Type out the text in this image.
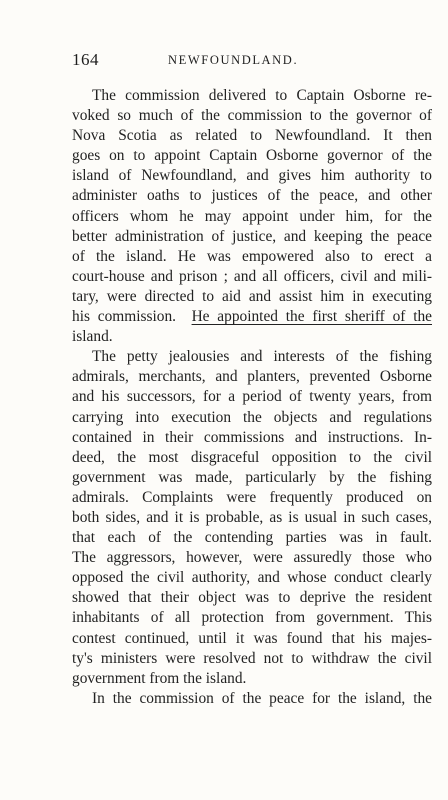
164	NEWFOUNDLAND.
The commission delivered to Captain Osborne re-
voked so much of the commission to the governor of
Nova Scotia as related to Newfoundland. It then
goes on to appoint Captain Osborne governor of the
island of Newfoundland, and gives him authority to
administer oaths to justices of the peace, and other
officers whom he may appoint under him, for the
better administration of justice, and keeping the peace
of the island. He was empowered also to erect a
court-house and prison ; and all officers, civil and mili-
tary, were directed to aid and assist him in executing
his commission. He appointed the first sheriff of the
island.
The petty jealousies and interests of the fishing
admirals, merchants, and planters, prevented Osborne
and his successors, for a period of twenty years, from
carrying into execution the objects and regulations
contained in their commissions and instructions. In-
deed, the most disgraceful opposition to the civil
government was made, particularly by the fishing
admirals. Complaints were frequently produced on
both sides, and it is probable, as is usual in such cases,
that each of the contending parties was in fault.
The aggressors, however, were assuredly those who
opposed the civil authority, and whose conduct clearly
showed that their object was to deprive the resident
inhabitants of all protection from government. This
contest continued, until it was found that his majes-
ty's ministers were resolved not to withdraw the civil
government from the island.
In the commission of the peace for the island, the
